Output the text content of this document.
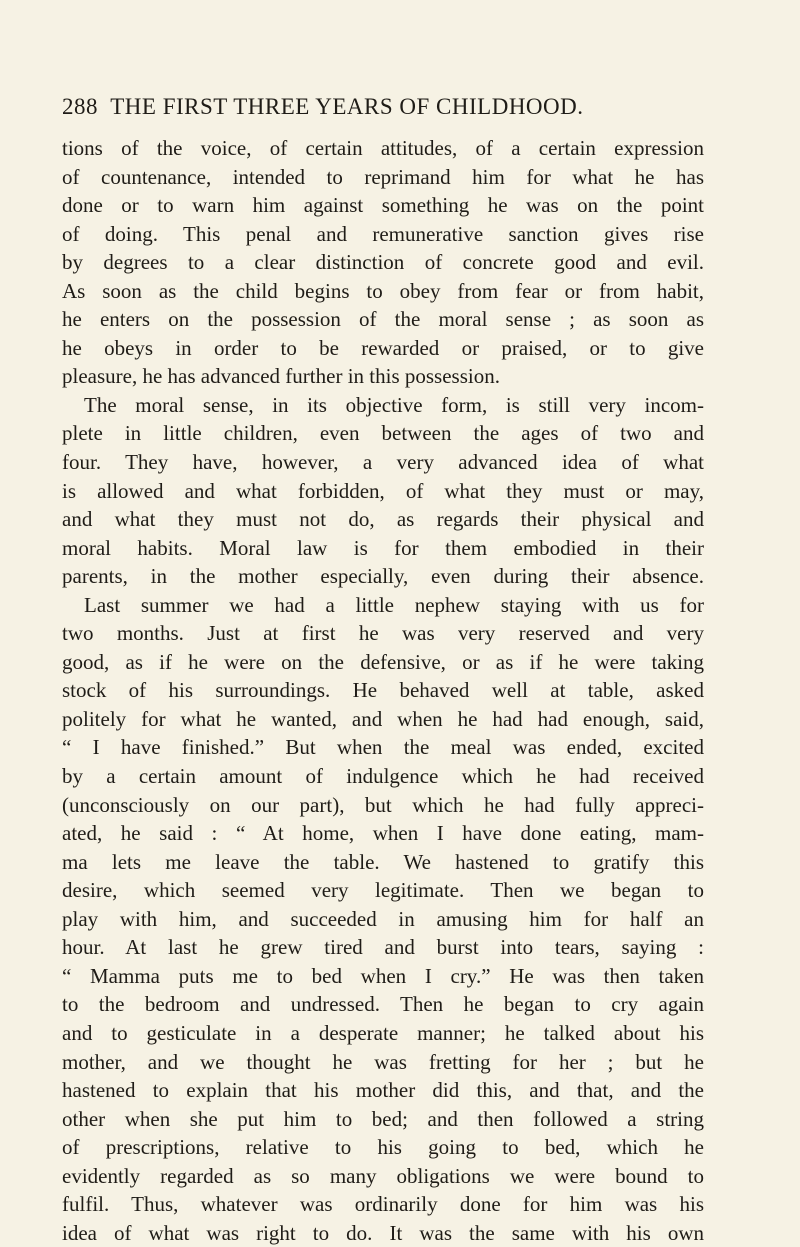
288 THE FIRST THREE YEARS OF CHILDHOOD.
tions of the voice, of certain attitudes, of a certain expression
of countenance, intended to reprimand him for what he has
done or to warn him against something he was on the point
of doing. This penal and remunerative sanction gives rise
by degrees to a clear distinction of concrete good and evil.
As soon as the child begins to obey from fear or from habit,
he enters on the possession of the moral sense ; as soon as
he obeys in order to be rewarded or praised, or to give
pleasure, he has advanced further in this possession.
The moral sense, in its objective form, is still very incom-
plete in little children, even between the ages of two and
four. They have, however, a very advanced idea of what
is allowed and what forbidden, of what they must or may,
and what they must not do, as regards their physical and
moral habits. Moral law is for them embodied in their
parents, in the mother especially, even during their absence.
Last summer we had a little nephew staying with us for
two months. Just at first he was very reserved and very
good, as if he were on the defensive, or as if he were taking
stock of his surroundings. He behaved well at table, asked
politely for what he wanted, and when he had had enough, said,
“ I have finished.” But when the meal was ended, excited
by a certain amount of indulgence which he had received
(unconsciously on our part), but which he had fully appreci-
ated, he said : “ At home, when I have done eating, mam-
ma lets me leave the table. We hastened to gratify this
desire, which seemed very legitimate. Then we began to
play with him, and succeeded in amusing him for half an
hour. At last he grew tired and burst into tears, saying :
“ Mamma puts me to bed when I cry.” He was then taken
to the bedroom and undressed. Then he began to cry again
and to gesticulate in a desperate manner; he talked about his
mother, and we thought he was fretting for her ; but he
hastened to explain that his mother did this, and that, and the
other when she put him to bed; and then followed a string
of prescriptions, relative to his going to bed, which he
evidently regarded as so many obligations we were bound to
fulfil. Thus, whatever was ordinarily done for him was his
idea of what was right to do. It was the same with his own
